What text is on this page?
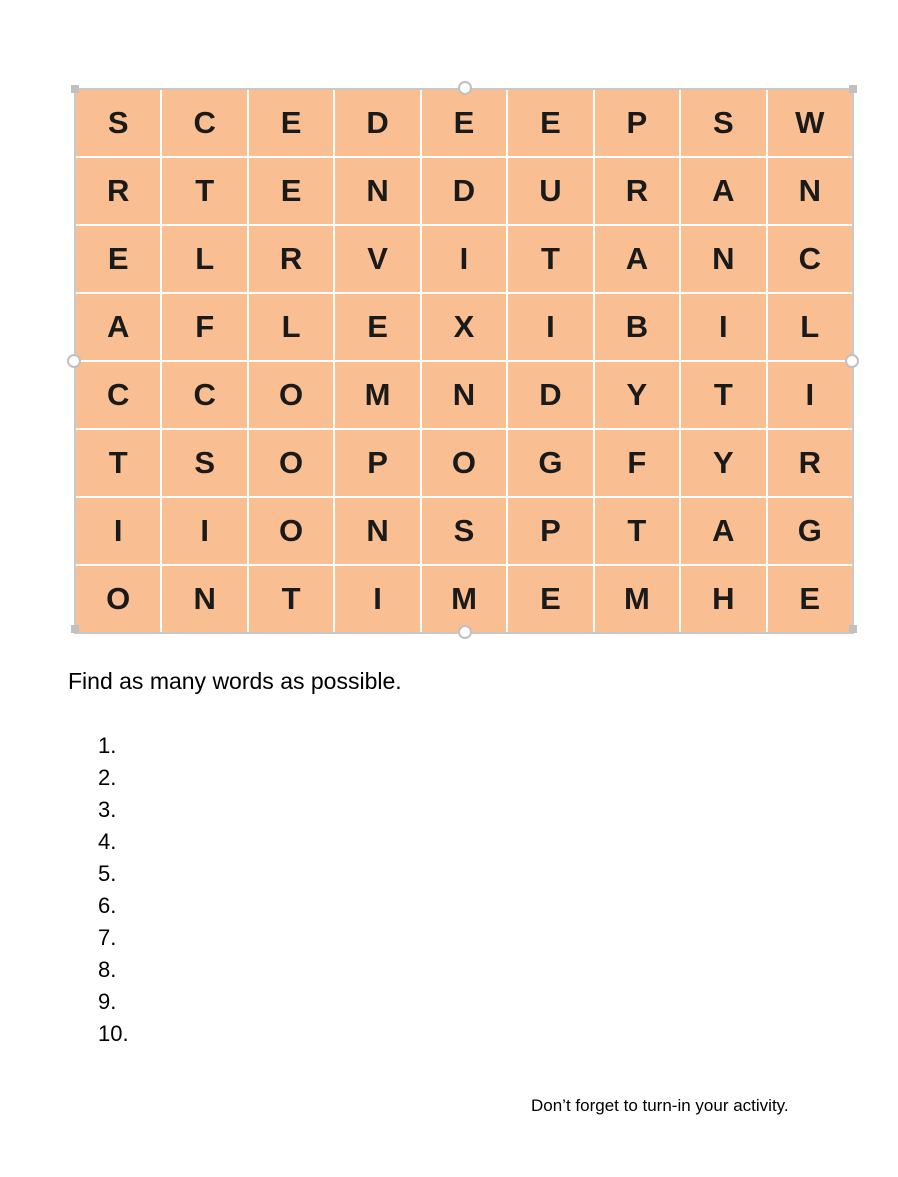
S	C	E	D	E	E	P	S	W
R	T	E	N	D	U	R	A	N
E	L	R	V	I	T	A	N	C
A	F	L	E	X	I	B	I	L
C	C	O	M	N	D	Y	T	I
T	S	O	P	O	G	F	Y	R
I	I	O	N	S	P	T	A	G
O	N	T	I	M	E	M	H	E
Find as many words as possible.
1.
2.
3.
4.
5.
6.
7.
8.
9.
10.
Don’t forget to turn-in your activity.
